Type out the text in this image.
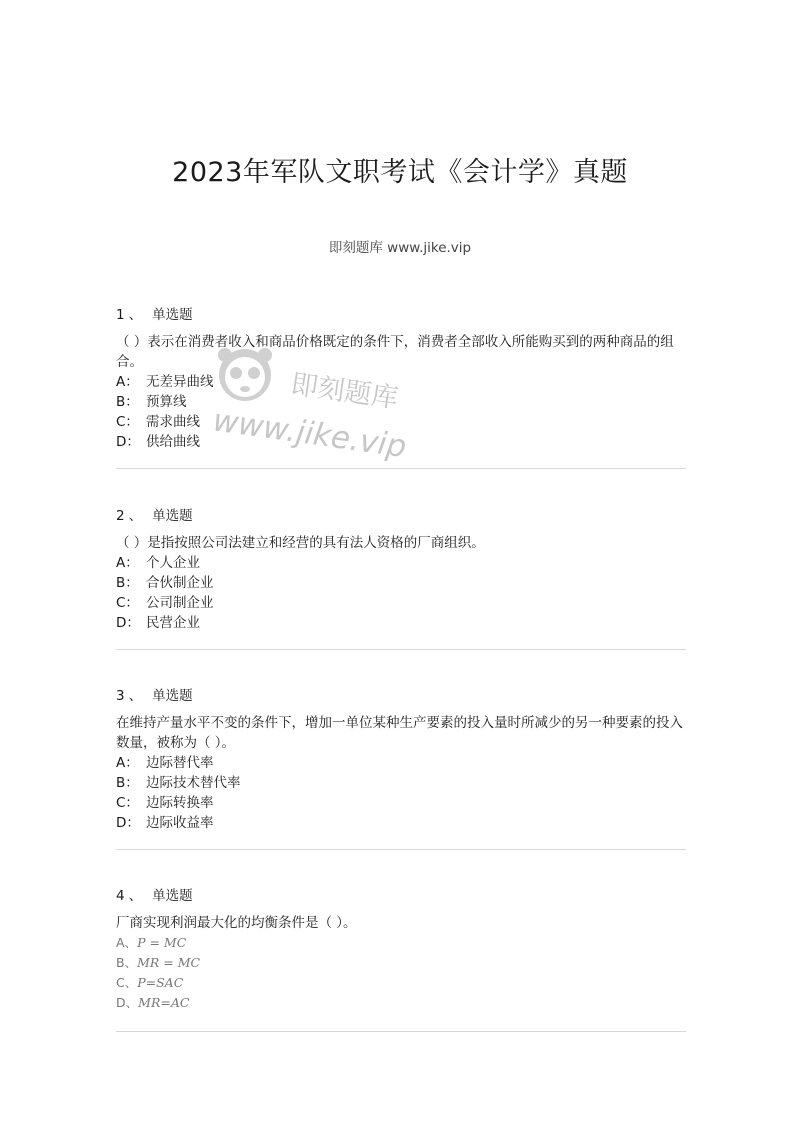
2023年军队文职考试《会计学》真题
即刻题库 www.jike.vip
1 、 单选题

（ ）表示在消费者收入和商品价格既定的条件下，消费者全部收入所能购买到的两种商品的组合。

A： 无差异曲线
B： 预算线
C： 需求曲线
D： 供给曲线
2 、 单选题

（ ）是指按照公司法建立和经营的具有法人资格的厂商组织。

A： 个人企业
B： 合伙制企业
C： 公司制企业
D： 民营企业
3 、 单选题

在维持产量水平不变的条件下，增加一单位某种生产要素的投入量时所减少的另一种要素的投入数量，被称为（ ）。

A： 边际替代率
B： 边际技术替代率
C： 边际转换率
D： 边际收益率
4 、 单选题

厂商实现利润最大化的均衡条件是（ ）。

A、 P = MC
B、 MR = MC
C、 P=SAC
D、 MR=AC
即刻题库
www.jike.vip
